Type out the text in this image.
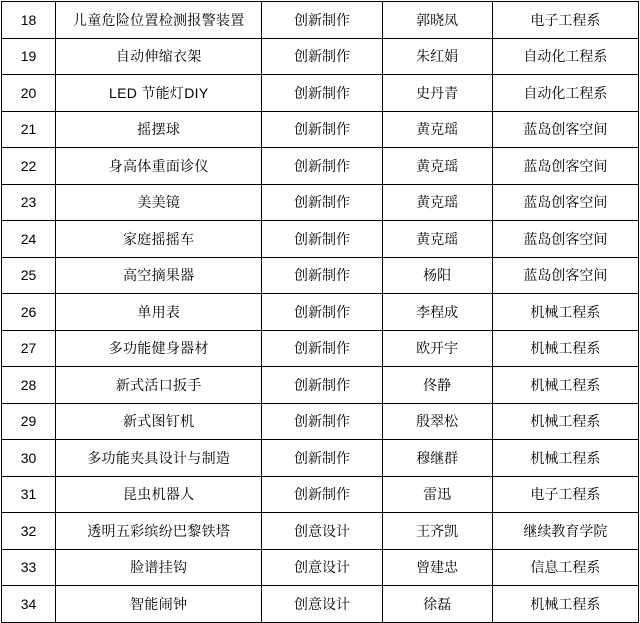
18	儿童危险位置检测报警装置	创新制作	郭晓凤	电子工程系
19	自动伸缩衣架	创新制作	朱红娟	自动化工程系
20	LED 节能灯DIY	创新制作	史丹青	自动化工程系
21	摇摆球	创新制作	黄克瑶	蓝岛创客空间
22	身高体重面诊仪	创新制作	黄克瑶	蓝岛创客空间
23	美美镜	创新制作	黄克瑶	蓝岛创客空间
24	家庭摇摇车	创新制作	黄克瑶	蓝岛创客空间
25	高空摘果器	创新制作	杨阳	蓝岛创客空间
26	单用表	创新制作	李程成	机械工程系
27	多功能健身器材	创新制作	欧开宇	机械工程系
28	新式活口扳手	创新制作	佟静	机械工程系
29	新式图钉机	创新制作	殷翠松	机械工程系
30	多功能夹具设计与制造	创新制作	穆继群	机械工程系
31	昆虫机器人	创新制作	雷迅	电子工程系
32	透明五彩缤纷巴黎铁塔	创意设计	王齐凯	继续教育学院
33	脸谱挂钩	创意设计	曾建忠	信息工程系
34	智能闹钟	创意设计	徐磊	机械工程系
